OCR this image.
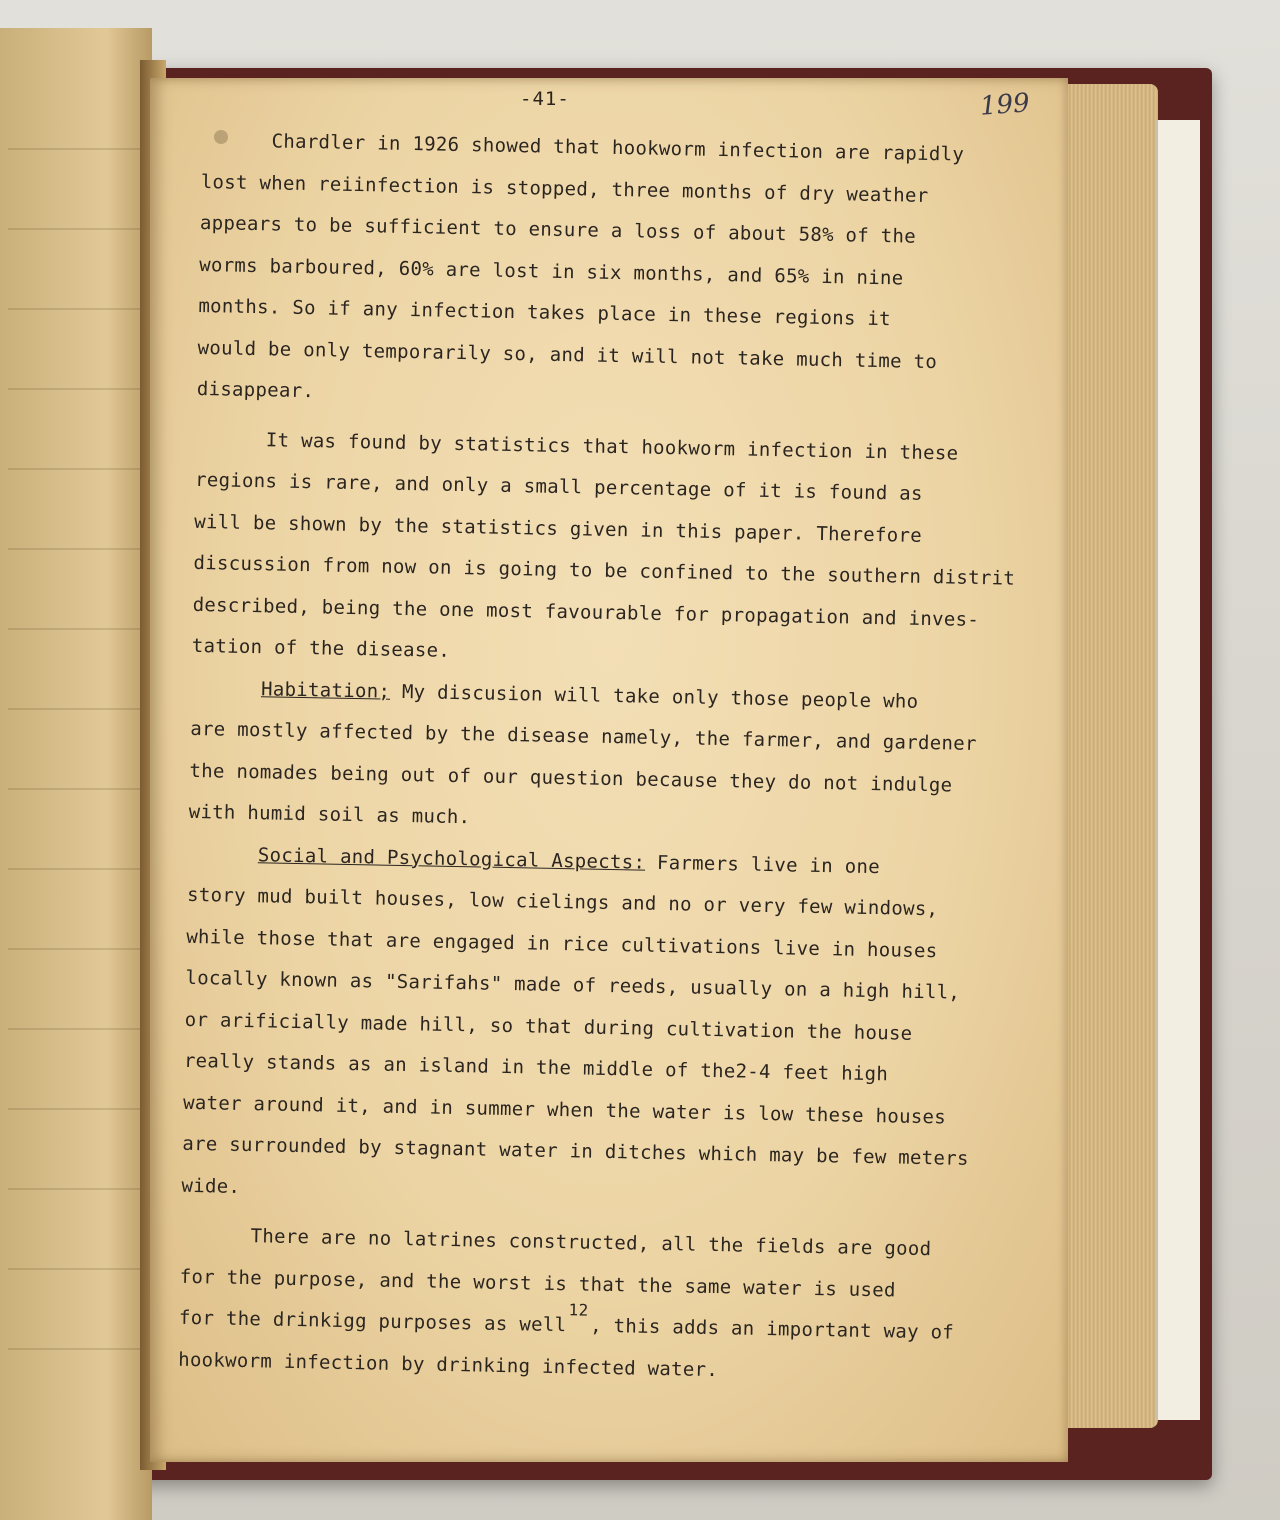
-41-	199
Chardler in 1926 showed that hookworm infection are rapidly
lost when reiinfection is stopped, three months of dry weather
appears to be sufficient to ensure a loss of about 58% of the
worms barboured, 60% are lost in six months, and 65% in nine
months. So if any infection takes place in these regions it
would be only temporarily so, and it will not take much time to
disappear.
It was found by statistics that hookworm infection in these
regions is rare, and only a small percentage of it is found as
will be shown by the statistics given in this paper. Therefore
discussion from now on is going to be confined to the southern distrit
described, being the one most favourable for propagation and inves-
tation of the disease.
Habitation; My discusion will take only those people who
are mostly affected by the disease namely, the farmer, and gardener
the nomades being out of our question because they do not indulge
with humid soil as much.
Social and Psychological Aspects: Farmers live in one
story mud built houses, low cielings and no or very few windows,
while those that are engaged in rice cultivations live in houses
locally known as "Sarifahs" made of reeds, usually on a high hill,
or arificially made hill, so that during cultivation the house
really stands as an island in the middle of the2-4 feet high
water around it, and in summer when the water is low these houses
are surrounded by stagnant water in ditches which may be few meters
wide.
There are no latrines constructed, all the fields are good
for the purpose, and the worst is that the same water is used
for the drinkigg purposes as well 12, this adds an important way of
hookworm infection by drinking infected water.
